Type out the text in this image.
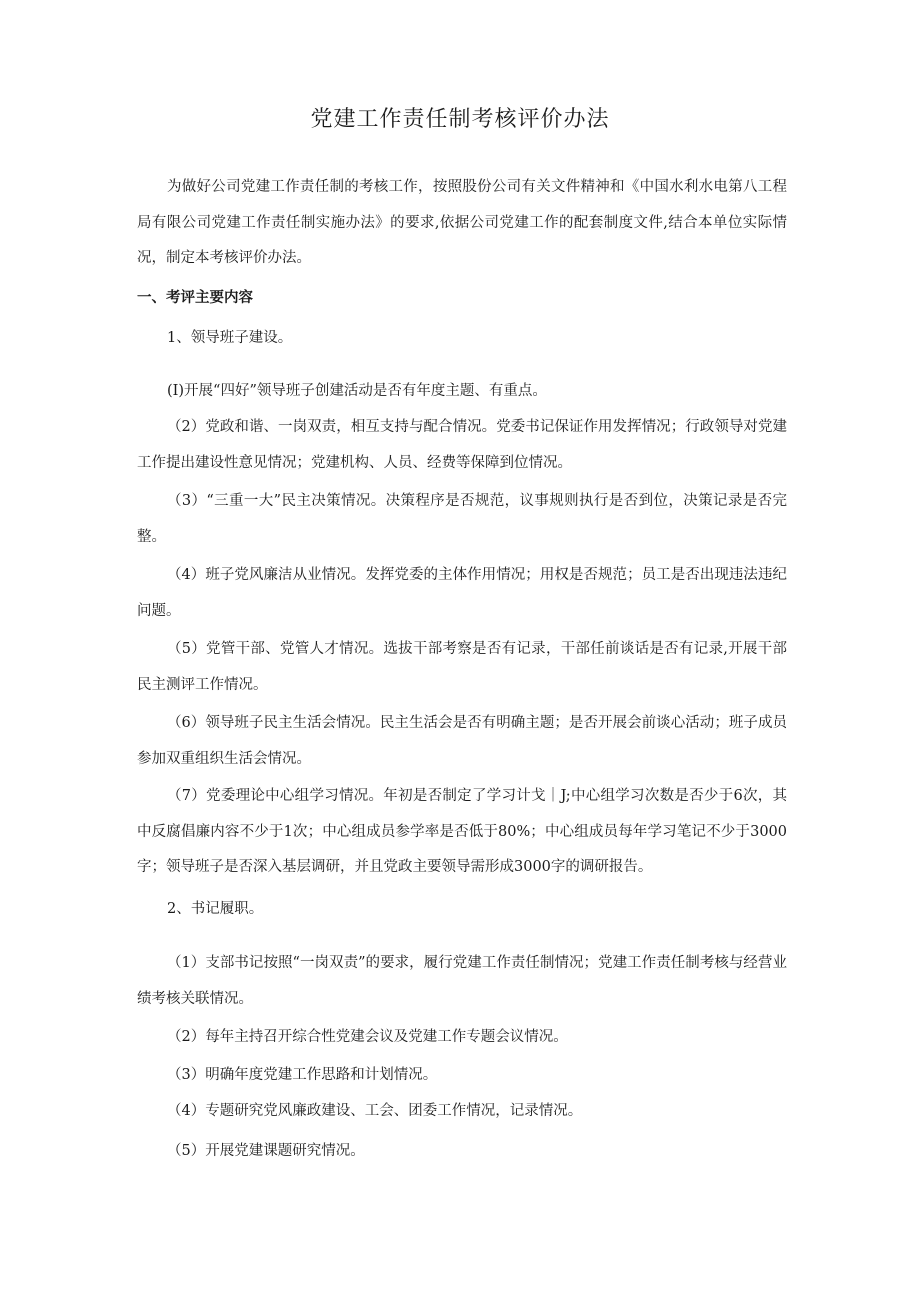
党建工作责任制考核评价办法

为做好公司党建工作责任制的考核工作，按照股份公司有关文件精神和《中国水利水电第八工程局有限公司党建工作责任制实施办法》的要求,依据公司党建工作的配套制度文件,结合本单位实际情况，制定本考核评价办法。

一、考评主要内容

1、领导班子建设。

(I)开展“四好”领导班子创建活动是否有年度主题、有重点。

（2）党政和谐、一岗双责，相互支持与配合情况。党委书记保证作用发挥情况；行政领导对党建工作提出建设性意见情况；党建机构、人员、经费等保障到位情况。

（3）“三重一大”民主决策情况。决策程序是否规范，议事规则执行是否到位，决策记录是否完整。

（4）班子党风廉洁从业情况。发挥党委的主体作用情况；用权是否规范；员工是否出现违法违纪问题。

（5）党管干部、党管人才情况。选拔干部考察是否有记录，干部任前谈话是否有记录,开展干部民主测评工作情况。

（6）领导班子民主生活会情况。民主生活会是否有明确主题；是否开展会前谈心活动；班子成员参加双重组织生活会情况。

（7）党委理论中心组学习情况。年初是否制定了学习计戈｜J;中心组学习次数是否少于6次，其中反腐倡廉内容不少于1次；中心组成员参学率是否低于80%；中心组成员每年学习笔记不少于3000字；领导班子是否深入基层调研，并且党政主要领导需形成3000字的调研报告。

2、书记履职。

（1）支部书记按照“一岗双责”的要求，履行党建工作责任制情况；党建工作责任制考核与经营业绩考核关联情况。

（2）每年主持召开综合性党建会议及党建工作专题会议情况。

（3）明确年度党建工作思路和计划情况。

（4）专题研究党风廉政建设、工会、团委工作情况，记录情况。

（5）开展党建课题研究情况。
